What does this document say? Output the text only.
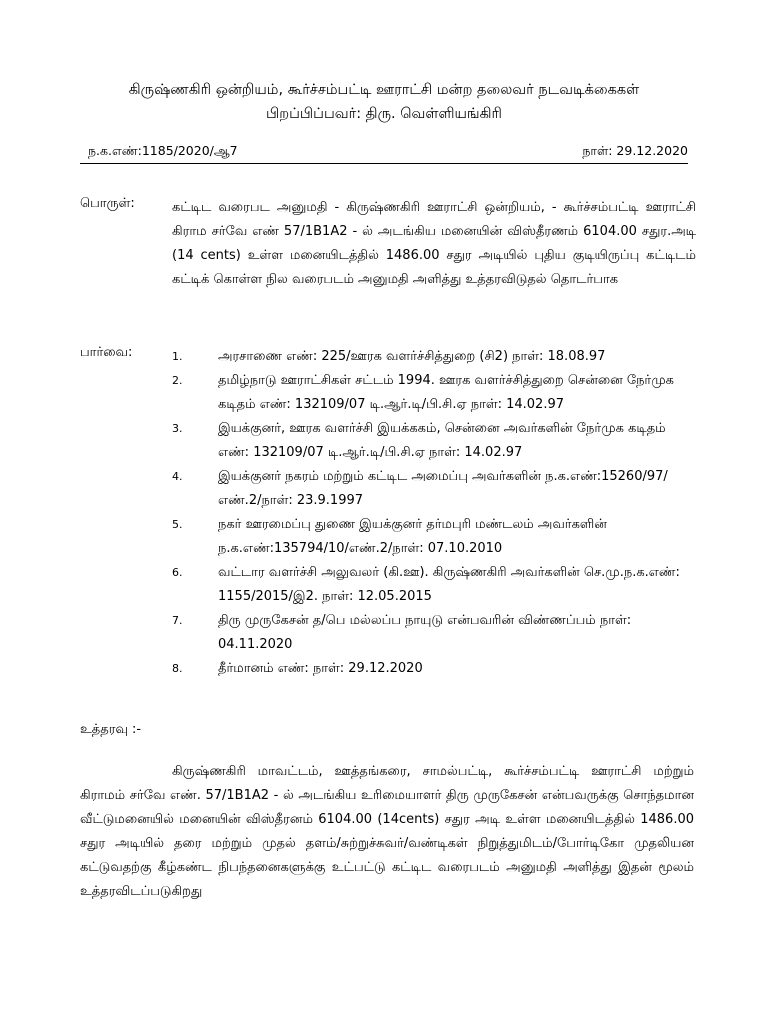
கிருஷ்ணகிரி ஒன்றியம், கூர்ச்சம்பட்டி ஊராட்சி மன்ற தலைவர் நடவடிக்கைகள்
பிறப்பிப்பவர்: திரு. வெள்ளியங்கிரி
ந.க.எண்:1185/2020/ஆ7	நாள்: 29.12.2020
பொருள்:	கட்டிட வரைபட அனுமதி - கிருஷ்ணகிரி ஊராட்சி ஒன்றியம், - கூர்ச்சம்பட்டி ஊராட்சி கிராம சர்வே எண் 57/1B1A2 - ல் அடங்கிய மனையின் விஸ்தீரணம் 6104.00 சதுர.அடி (14 cents) உள்ள மனையிடத்தில் 1486.00 சதுர அடியில் புதிய குடியிருப்பு கட்டிடம் கட்டிக் கொள்ள நில வரைபடம் அனுமதி அளித்து உத்தரவிடுதல் தொடர்பாக
பார்வை:	1.	அரசாணை எண்: 225/ஊரக வளர்ச்சித்துறை (சி2) நாள்: 18.08.97
2.	தமிழ்நாடு ஊராட்சிகள் சட்டம் 1994. ஊரக வளர்ச்சித்துறை சென்னை நேர்முக கடிதம் எண்: 132109/07 டி.ஆர்.டி/பி.சி.ஏ நாள்: 14.02.97
3.	இயக்குனர், ஊரக வளர்ச்சி இயக்ககம், சென்னை அவர்களின் நேர்முக கடிதம் எண்: 132109/07 டி.ஆர்.டி/பி.சி.ஏ நாள்: 14.02.97
4.	இயக்குனர் நகரம் மற்றும் கட்டிட அமைப்பு அவர்களின் ந.க.எண்:15260/97/எண்.2/நாள்: 23.9.1997
5.	நகர் ஊரமைப்பு துணை இயக்குனர் தர்மபுரி மண்டலம் அவர்களின் ந.க.எண்:135794/10/எண்.2/நாள்: 07.10.2010
6.	வட்டார வளர்ச்சி அலுவலர் (கி.ஊ). கிருஷ்ணகிரி அவர்களின் செ.மு.ந.க.எண்: 1155/2015/இ2. நாள்: 12.05.2015
7.	திரு முருகேசன் த/பெ மல்லப்ப நாயுடு என்பவரின் விண்ணப்பம் நாள்: 04.11.2020
8.	தீர்மானம் எண்: நாள்: 29.12.2020
உத்தரவு :-
கிருஷ்ணகிரி மாவட்டம், ஊத்தங்கரை, சாமல்பட்டி, கூர்ச்சம்பட்டி ஊராட்சி மற்றும் கிராமம் சர்வே எண். 57/1B1A2 - ல் அடங்கிய உரிமையாளர் திரு முருகேசன் என்பவருக்கு சொந்தமான வீட்டுமனையில் மனையின் விஸ்தீரனம் 6104.00 (14cents) சதுர அடி உள்ள மனையிடத்தில் 1486.00 சதுர அடியில் தரை மற்றும் முதல் தளம்/சுற்றுச்சுவர்/வண்டிகள் நிறுத்துமிடம்/போர்டிகோ முதலியன கட்டுவதற்கு கீழ்கண்ட நிபந்தனைகளுக்கு உட்பட்டு கட்டிட வரைபடம் அனுமதி அளித்து இதன் மூலம் உத்தரவிடப்படுகிறது
